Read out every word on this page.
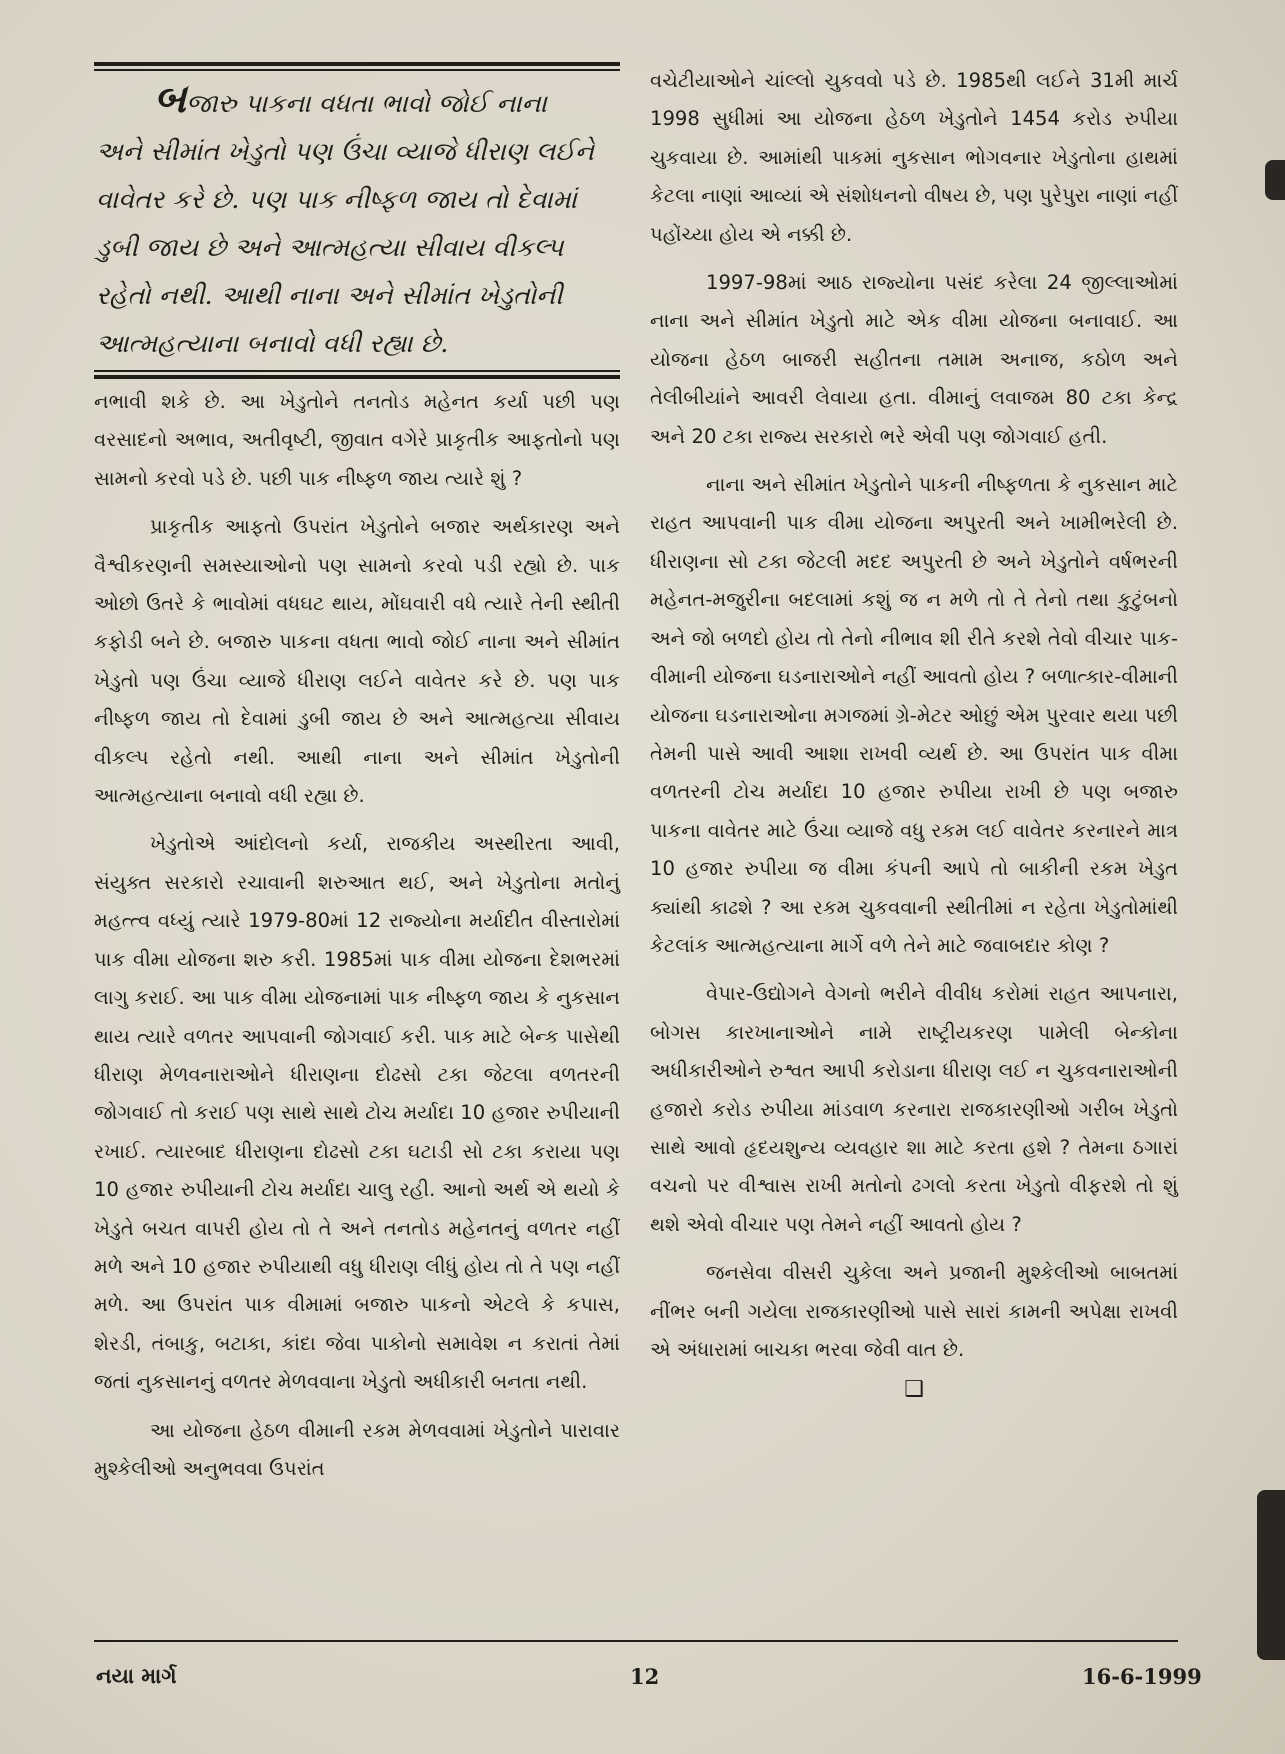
બજારુ પાકના વધતા ભાવો જોઈ નાના
અને સીમાંત ખેડુતો પણ ઉંચા વ્યાજે ધીરાણ લઈને
વાવેતર કરે છે. પણ પાક નીષ્ફળ જાય તો દેવામાં
ડુબી જાય છે અને આત્મહત્યા સીવાય વીકલ્પ
રહેતો નથી. આથી નાના અને સીમાંત ખેડુતોની
આત્મહત્યાના બનાવો વધી રહ્યા છે.

નભાવી શકે છે. આ ખેડુતોને તનતોડ મહેનત કર્યા પછી પણ વરસાદનો અભાવ, અતીવૃષ્ટી, જીવાત વગેરે પ્રાકૃતીક આફતોનો પણ સામનો કરવો પડે છે. પછી પાક નીષ્ફળ જાય ત્યારે શું ?

પ્રાકૃતીક આફતો ઉપરાંત ખેડુતોને બજાર અર્થકારણ અને વૈશ્વીકરણની સમસ્યાઓનો પણ સામનો કરવો પડી રહ્યો છે. પાક ઓછો ઉતરે કે ભાવોમાં વધઘટ થાય, મોંઘવારી વધે ત્યારે તેની સ્થીતી કફોડી બને છે. બજારુ પાકના વધતા ભાવો જોઈ નાના અને સીમાંત ખેડુતો પણ ઉંચા વ્યાજે ધીરાણ લઈને વાવેતર કરે છે. પણ પાક નીષ્ફળ જાય તો દેવામાં ડુબી જાય છે અને આત્મહત્યા સીવાય વીકલ્પ રહેતો નથી. આથી નાના અને સીમાંત ખેડુતોની આત્મહત્યાના બનાવો વધી રહ્યા છે.

ખેડુતોએ આંદોલનો કર્યા, રાજકીય અસ્થીરતા આવી, સંયુક્ત સરકારો રચાવાની શરુઆત થઈ, અને ખેડુતોના મતોનું મહત્ત્વ વધ્યું ત્યારે 1979-80માં 12 રાજ્યોના મર્યાદીત વીસ્તારોમાં પાક વીમા યોજના શરુ કરી. 1985માં પાક વીમા યોજના દેશભરમાં લાગુ કરાઈ. આ પાક વીમા યોજનામાં પાક નીષ્ફળ જાય કે નુકસાન થાય ત્યારે વળતર આપવાની જોગવાઈ કરી. પાક માટે બેન્ક પાસેથી ધીરાણ મેળવનારાઓને ધીરાણના દોઢસો ટકા જેટલા વળતરની જોગવાઈ તો કરાઈ પણ સાથે સાથે ટોચ મર્યાદા 10 હજાર રુપીયાની રખાઈ. ત્યારબાદ ધીરાણના દોઢસો ટકા ઘટાડી સો ટકા કરાયા પણ 10 હજાર રુપીયાની ટોચ મર્યાદા ચાલુ રહી. આનો અર્થ એ થયો કે ખેડુતે બચત વાપરી હોય તો તે અને તનતોડ મહેનતનું વળતર નહીં મળે અને 10 હજાર રુપીયાથી વધુ ધીરાણ લીધું હોય તો તે પણ નહીં મળે. આ ઉપરાંત પાક વીમામાં બજારુ પાકનો એટલે કે કપાસ, શેરડી, તંબાકુ, બટાકા, કાંદા જેવા પાકોનો સમાવેશ ન કરાતાં તેમાં જતાં નુકસાનનું વળતર મેળવવાના ખેડુતો અધીકારી બનતા નથી.

આ યોજના હેઠળ વીમાની રકમ મેળવવામાં ખેડુતોને પારાવાર મુશ્કેલીઓ અનુભવવા ઉપરાંત

વચેટીયાઓને ચાંલ્લો ચુકવવો પડે છે. 1985થી લઈને 31મી માર્ચ 1998 સુધીમાં આ યોજના હેઠળ ખેડુતોને 1454 કરોડ રુપીયા ચુકવાયા છે. આમાંથી પાકમાં નુકસાન ભોગવનાર ખેડુતોના હાથમાં કેટલા નાણાં આવ્યાં એ સંશોધનનો વીષય છે, પણ પુરેપુરા નાણાં નહીં પહોંચ્યા હોય એ નક્કી છે.

1997-98માં આઠ રાજ્યોના પસંદ કરેલા 24 જીલ્લાઓમાં નાના અને સીમાંત ખેડુતો માટે એક વીમા યોજના બનાવાઈ. આ યોજના હેઠળ બાજરી સહીતના તમામ અનાજ, કઠોળ અને તેલીબીયાંને આવરી લેવાયા હતા. વીમાનું લવાજમ 80 ટકા કેન્દ્ર અને 20 ટકા રાજ્ય સરકારો ભરે એવી પણ જોગવાઈ હતી.

નાના અને સીમાંત ખેડુતોને પાકની નીષ્ફળતા કે નુકસાન માટે રાહત આપવાની પાક વીમા યોજના અપુરતી અને ખામીભરેલી છે. ધીરાણના સો ટકા જેટલી મદદ અપુરતી છે અને ખેડુતોને વર્ષભરની મહેનત-મજુરીના બદલામાં કશું જ ન મળે તો તે તેનો તથા કુટુંબનો અને જો બળદો હોય તો તેનો નીભાવ શી રીતે કરશે તેવો વીચાર પાક-વીમાની યોજના ઘડનારાઓને નહીં આવતો હોય ? બળાત્કાર-વીમાની યોજના ઘડનારાઓના મગજમાં ગ્રે-મેટર ઓછું એમ પુરવાર થયા પછી તેમની પાસે આવી આશા રાખવી વ્યર્થ છે. આ ઉપરાંત પાક વીમા વળતરની ટોચ મર્યાદા 10 હજાર રુપીયા રાખી છે પણ બજારુ પાકના વાવેતર માટે ઉંચા વ્યાજે વધુ રકમ લઈ વાવેતર કરનારને માત્ર 10 હજાર રુપીયા જ વીમા કંપની આપે તો બાકીની રકમ ખેડુત ક્યાંથી કાઢશે ? આ રકમ ચુકવવાની સ્થીતીમાં ન રહેતા ખેડુતોમાંથી કેટલાંક આત્મહત્યાના માર્ગે વળે તેને માટે જવાબદાર કોણ ?

વેપાર-ઉદ્યોગને વેગનો ભરીને વીવીધ કરોમાં રાહત આપનારા, બોગસ કારખાનાઓને નામે રાષ્ટ્રીયકરણ પામેલી બેન્કોના અધીકારીઓને રુશ્વત આપી કરોડાના ધીરાણ લઈ ન ચુકવનારાઓની હજારો કરોડ રુપીયા માંડવાળ કરનારા રાજકારણીઓ ગરીબ ખેડુતો સાથે આવો હૃદયશુન્ય વ્યવહાર શા માટે કરતા હશે ? તેમના ઠગારાં વચનો પર વીશ્વાસ રાખી મતોનો ઢગલો કરતા ખેડુતો વીફરશે તો શું થશે એવો વીચાર પણ તેમને નહીં આવતો હોય ?

જનસેવા વીસરી ચુકેલા અને પ્રજાની મુશ્કેલીઓ બાબતમાં નીંભર બની ગયેલા રાજકારણીઓ પાસે સારાં કામની અપેક્ષા રાખવી એ અંધારામાં બાચકા ભરવા જેવી વાત છે.

❑
નયા માર્ગ	12	16-6-1999
